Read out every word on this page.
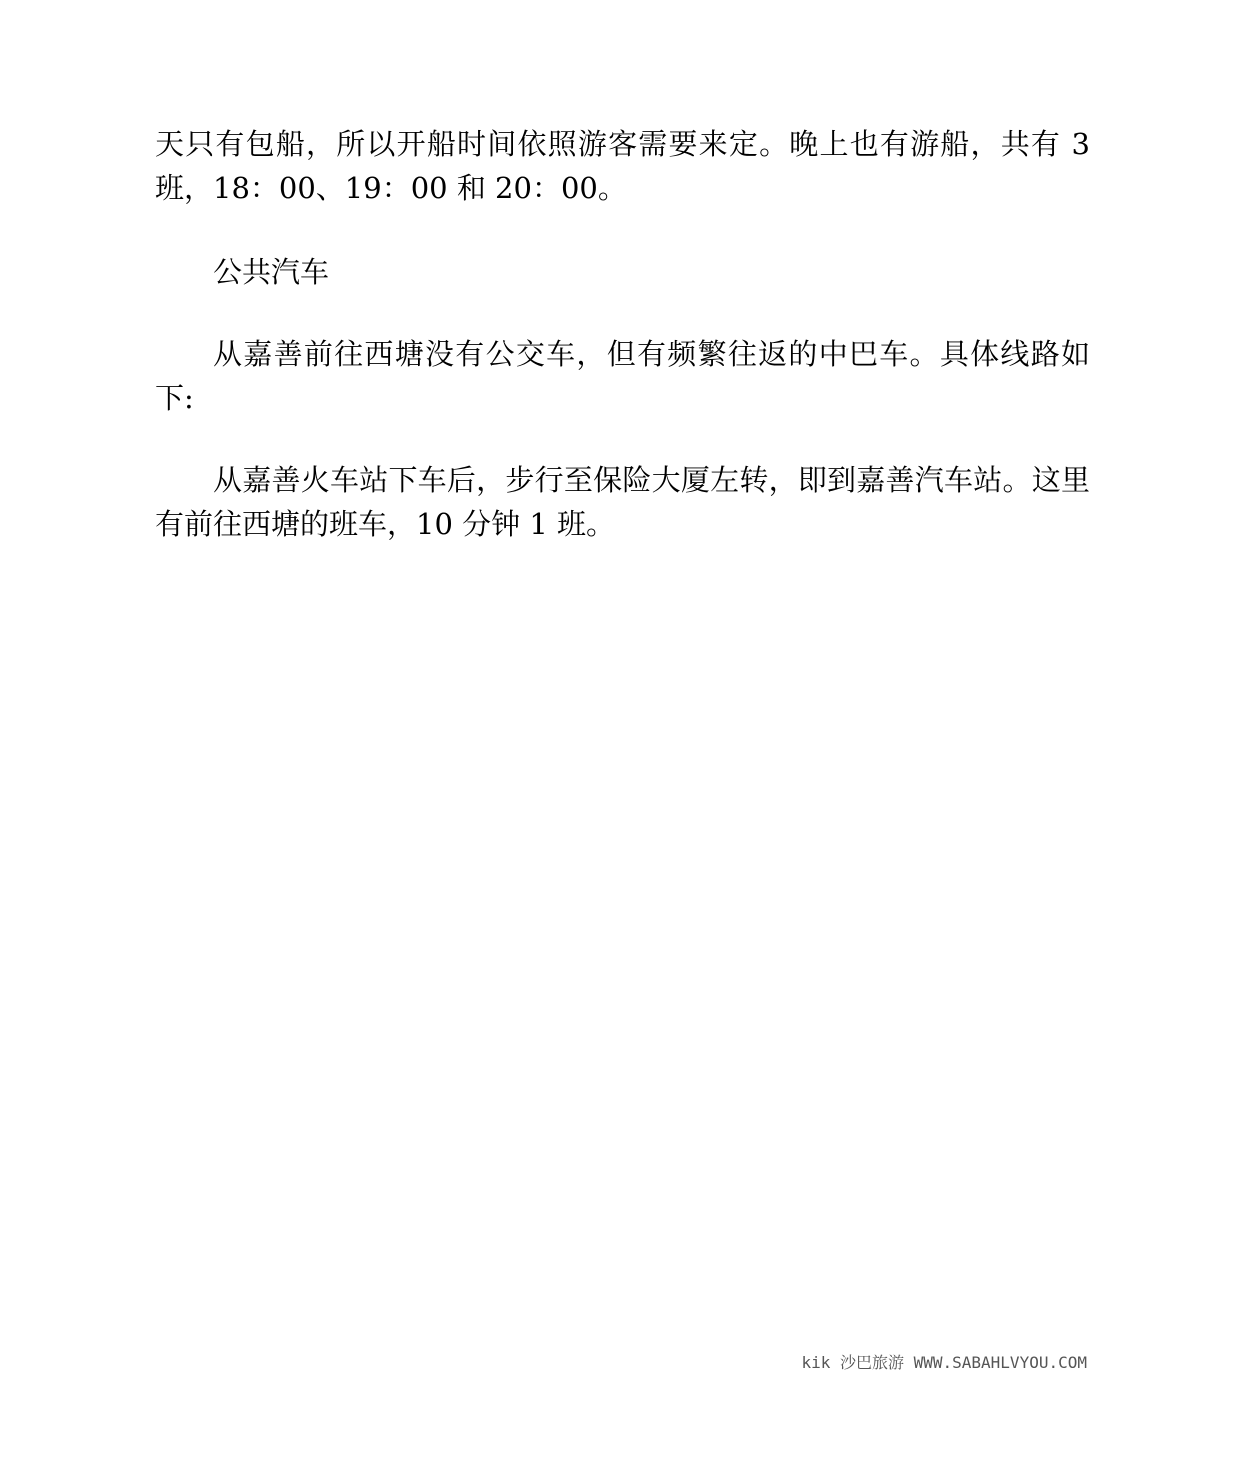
天只有包船，所以开船时间依照游客需要来定。晚上也有游船，共有 3 班，18：00、19：00 和 20：00。

公共汽车

从嘉善前往西塘没有公交车，但有频繁往返的中巴车。具体线路如下:

从嘉善火车站下车后，步行至保险大厦左转，即到嘉善汽车站。这里有前往西塘的班车，10 分钟 1 班。

kik 沙巴旅游 WWW.SABAHLVYOU.COM
